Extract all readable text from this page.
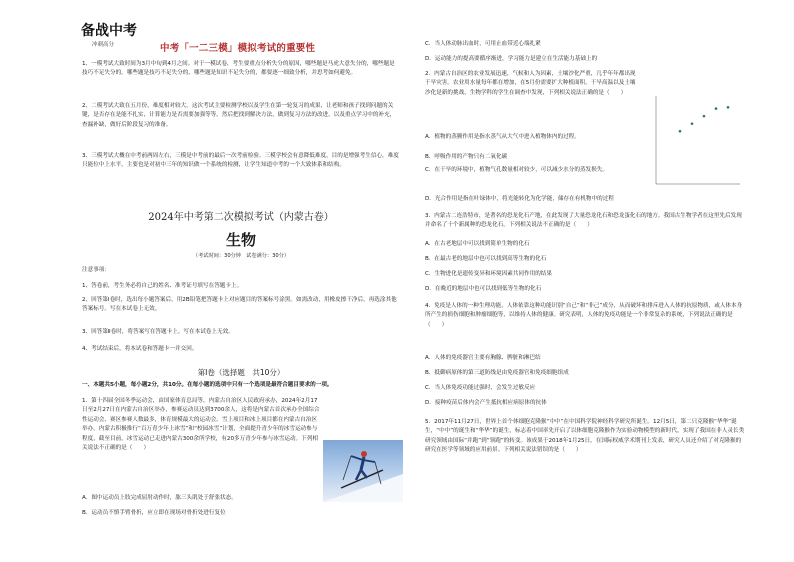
备战中考
冲刺高分	中考「一二三模」模拟考试的重要性

1、一模考试大致时间为3月中旬到4月之间。对于一模试卷，考生要重点分析失分的原因，哪些题是马虎大意失分的，哪些题是技巧不足失分的，哪些题是技巧不足失分的，哪些题是知识不足失分的，都要逐一细致分析，并思考如何避免。

2、二模考试大致在五月份，难度相对较大。这次考试主要检测学校以及学生在第一轮复习的成果，让老师和孩子找到问题的关键，是否存在是能不扎实，计算能力是否需要加强等等。然后把找到解决方法，做到复习方法的改进，以及重点学习中的补充，查漏补缺，做好后阶段复习的准备。

3、三模考试大概在中考前两周左右，三模是中考前的最后一次考前检验。三模学校会有意降低难度，目的是增强考生信心，难度只能位中上水平，主要也是对初中三年的知识做一个系统的检测，让学生知道中考的一个大致体系和结构。

2024年中考第二次模拟考试（内蒙古卷）
生物
（考试时间：30分钟　试卷满分：30分）

注意事项：

1、答卷前，考生务必将自己的姓名、准考证号填写在答题卡上。

2、回答第Ⅰ卷时，选出每小题答案后，用2B铅笔把答题卡上对应题目的答案标号涂黑。如需改动，用橡皮擦干净后，再选涂其他答案标号。写在本试卷上无效。

3、回答第Ⅱ卷时，将答案写在答题卡上。写在本试卷上无效。

4、考试结束后，将本试卷和答题卡一并交回。

第Ⅰ卷（选择题　共10分）

一、本题共5小题，每小题2分，共10分。在每小题的选项中只有一个选项是最符合题目要求的一项。

1．第十四届全国冬季运动会，由国家体育总局等，内蒙古自治区人民政府承办，2024年2月17日至2月27日在内蒙古自治区举办，参赛运动员达到3700余人，这将是内蒙古首次承办全国综合性运动会，赛区参赛人数最多，体育规模最大的运动会。雪上项目和冰上项目都在内蒙古自治区举办。内蒙古积极推行“百万青少年上冰雪”和“校园冰雪”计划，全面提升青少年的冰雪运动参与程度，截至目前，冰雪运动已走进内蒙古300余所学校，有20多万青少年参与冰雪运动。下列相关说法不正确的是（　　）

A．图中运动员上肢完成屈肘动作时，肱三头肌处于舒张状态。

B．运动员不慎手臂骨折，应立即在现场对骨折处进行复位

C．当人体动脉出血时，可用止血带近心端扎紧

D．运动能力的提高要循序渐进，学习能力是建立在生活能力基础上的

2．内蒙古自治区的农业发展迅速，气候和人为因素，土壤沙化严重，几乎年年都出现干旱灾害。农业用水量每年都在增加，在5月份需要扩大种植面积，干旱高温以及土壤沙化是新的挑战，生物学科的学生在调查中发现，下列相关说法正确的是（　　）

A．植物的蒸腾作用是指水蒸气从大气中进入植物体内的过程。

B．呼吸作用的产物只有二氧化碳

C．在干旱的环境中，植物气孔数量相对较少，可以减少水分的蒸发损失。

D．光合作用是指在叶绿体中，将光能转化为化学能，储存在有机物中的过程

3．内蒙古二连浩特市，是著名的恐龙化石产地，在此发现了大量恐龙化石和恐龙蛋化石的地方。我国古生物学者在这里先后发现并命名了十个新属种的恐龙化石。下列相关说法不正确的是（　　）

A．在古老地层中可以找到简单生物的化石

B．在最古老的地层中也可以找到高等生物的化石

C．生物进化是遗传变异和环境因素共同作用的结果

D．在晚近的地层中也可以找到低等生物的化石

4．免疫是人体的一种生理功能，人体依靠这种功能识别“自己”和“非己”成分，从而破坏和排斥进入人体的抗原物质，或人体本身所产生的损伤细胞和肿瘤细胞等，以维持人体的健康。研究表明，人体的免疫功能是一个非常复杂的系统，下列说法正确的是（　　）

A．人体的免疫器官主要有胸腺、脾脏和淋巴结

B．抵御病原体的第三道防线是由免疫器官和免疫细胞组成

C．当人体免疫功能过强时，会发生过敏反应

D．接种疫苗后体内会产生抵抗相应病原体的抗体

5．2017年11月27日，世界上首个体细胞克隆猴“中中”在中国科学院神经科学研究所诞生。12月5日，第二只克隆猴“华华”诞生，“中中”的诞生和“华华”的诞生，标志着中国率先开启了以体细胞克隆猴作为实验动物模型的新时代，实现了我国在非人灵长类研究领域由国际“并跑”到“领跑”的转变。该成果于2018年1月25日，在国际权威学术期刊上发表，研究人员还介绍了对克隆猴的研究在医学等领域的应用前景。下列相关说法错误的是（　　）
